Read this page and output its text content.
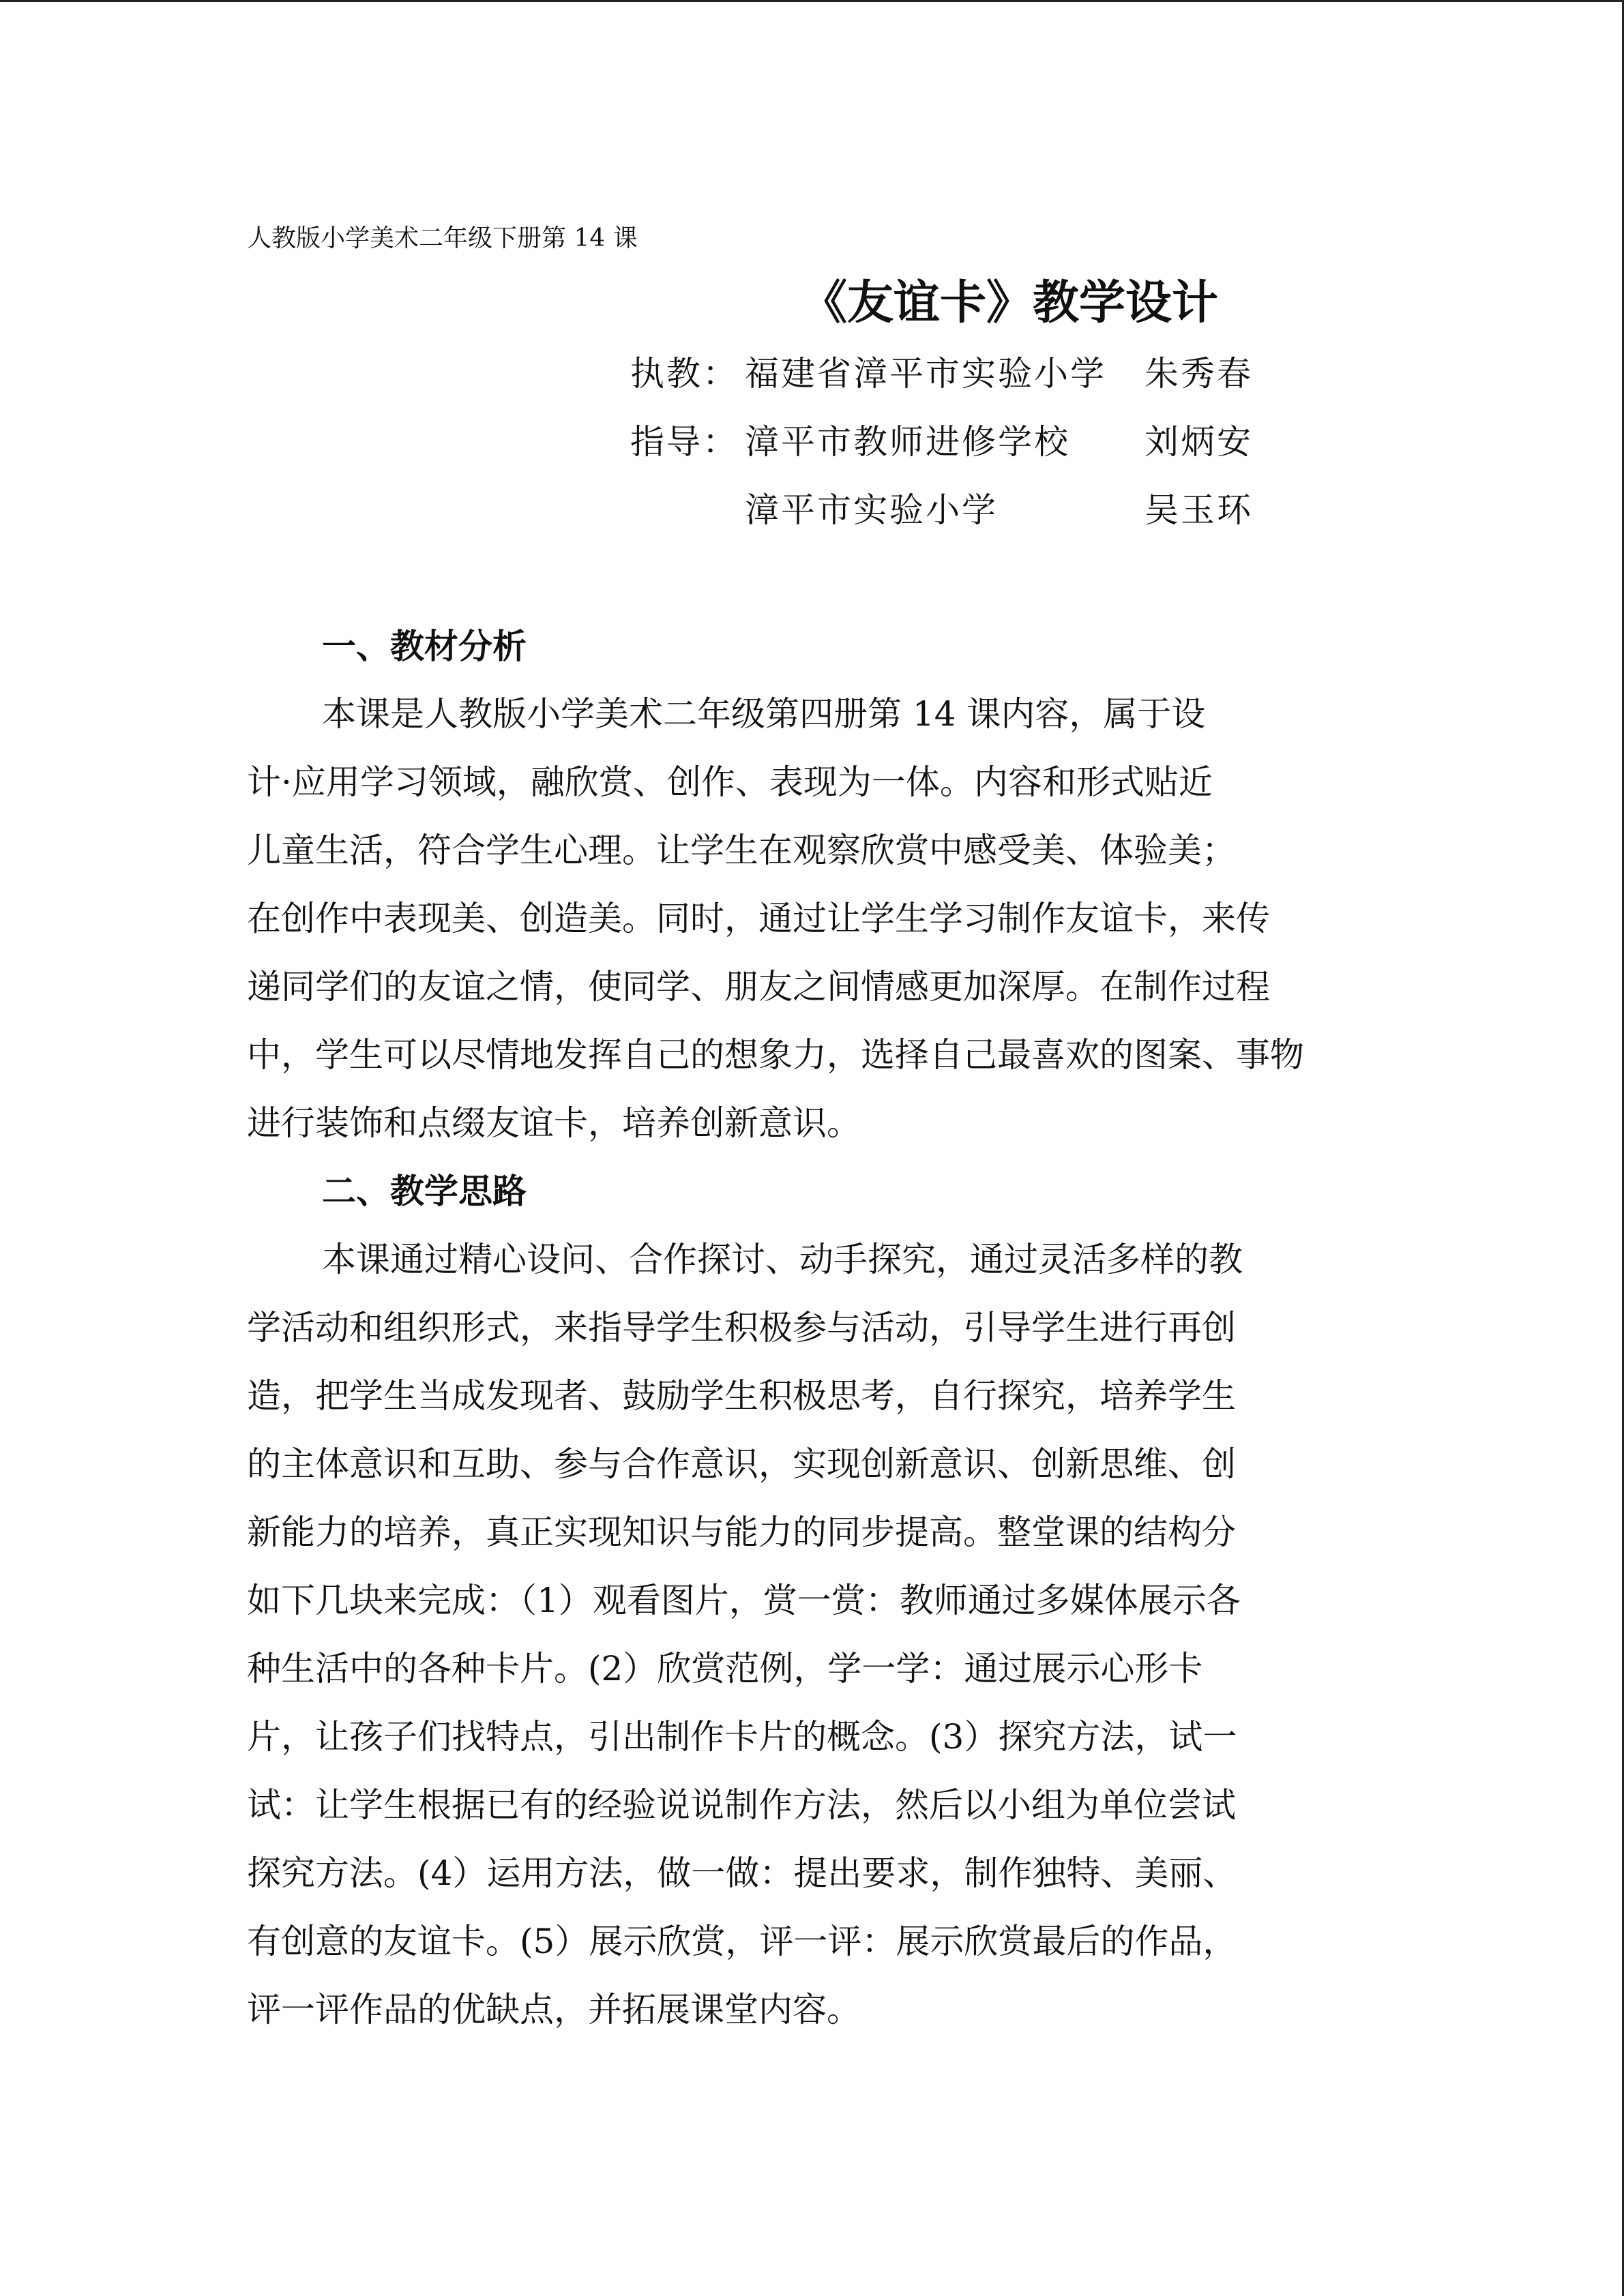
人教版小学美术二年级下册第 14 课
《友谊卡》教学设计
执教： 福建省漳平市实验小学 朱秀春
指导： 漳平市教师进修学校 刘炳安
漳平市实验小学	吴玉环
一、教材分析
本课是人教版小学美术二年级第四册第 14 课内容，属于设
计·应用学习领域，融欣赏、创作、表现为一体。内容和形式贴近
儿童生活，符合学生心理。让学生在观察欣赏中感受美、体验美；
在创作中表现美、创造美。同时，通过让学生学习制作友谊卡，来传
递同学们的友谊之情，使同学、朋友之间情感更加深厚。在制作过程
中，学生可以尽情地发挥自己的想象力，选择自己最喜欢的图案、事物
进行装饰和点缀友谊卡，培养创新意识。
二、教学思路
本课通过精心设问、合作探讨、动手探究，通过灵活多样的教
学活动和组织形式，来指导学生积极参与活动，引导学生进行再创
造，把学生当成发现者、鼓励学生积极思考，自行探究，培养学生
的主体意识和互助、参与合作意识，实现创新意识、创新思维、创
新能力的培养，真正实现知识与能力的同步提高。整堂课的结构分
如下几块来完成：（1）观看图片，赏一赏：教师通过多媒体展示各
种生活中的各种卡片。(2）欣赏范例，学一学：通过展示心形卡
片，让孩子们找特点，引出制作卡片的概念。(3）探究方法，试一
试：让学生根据已有的经验说说制作方法，然后以小组为单位尝试
探究方法。(4）运用方法，做一做：提出要求，制作独特、美丽、
有创意的友谊卡。(5）展示欣赏，评一评：展示欣赏最后的作品，
评一评作品的优缺点，并拓展课堂内容。
